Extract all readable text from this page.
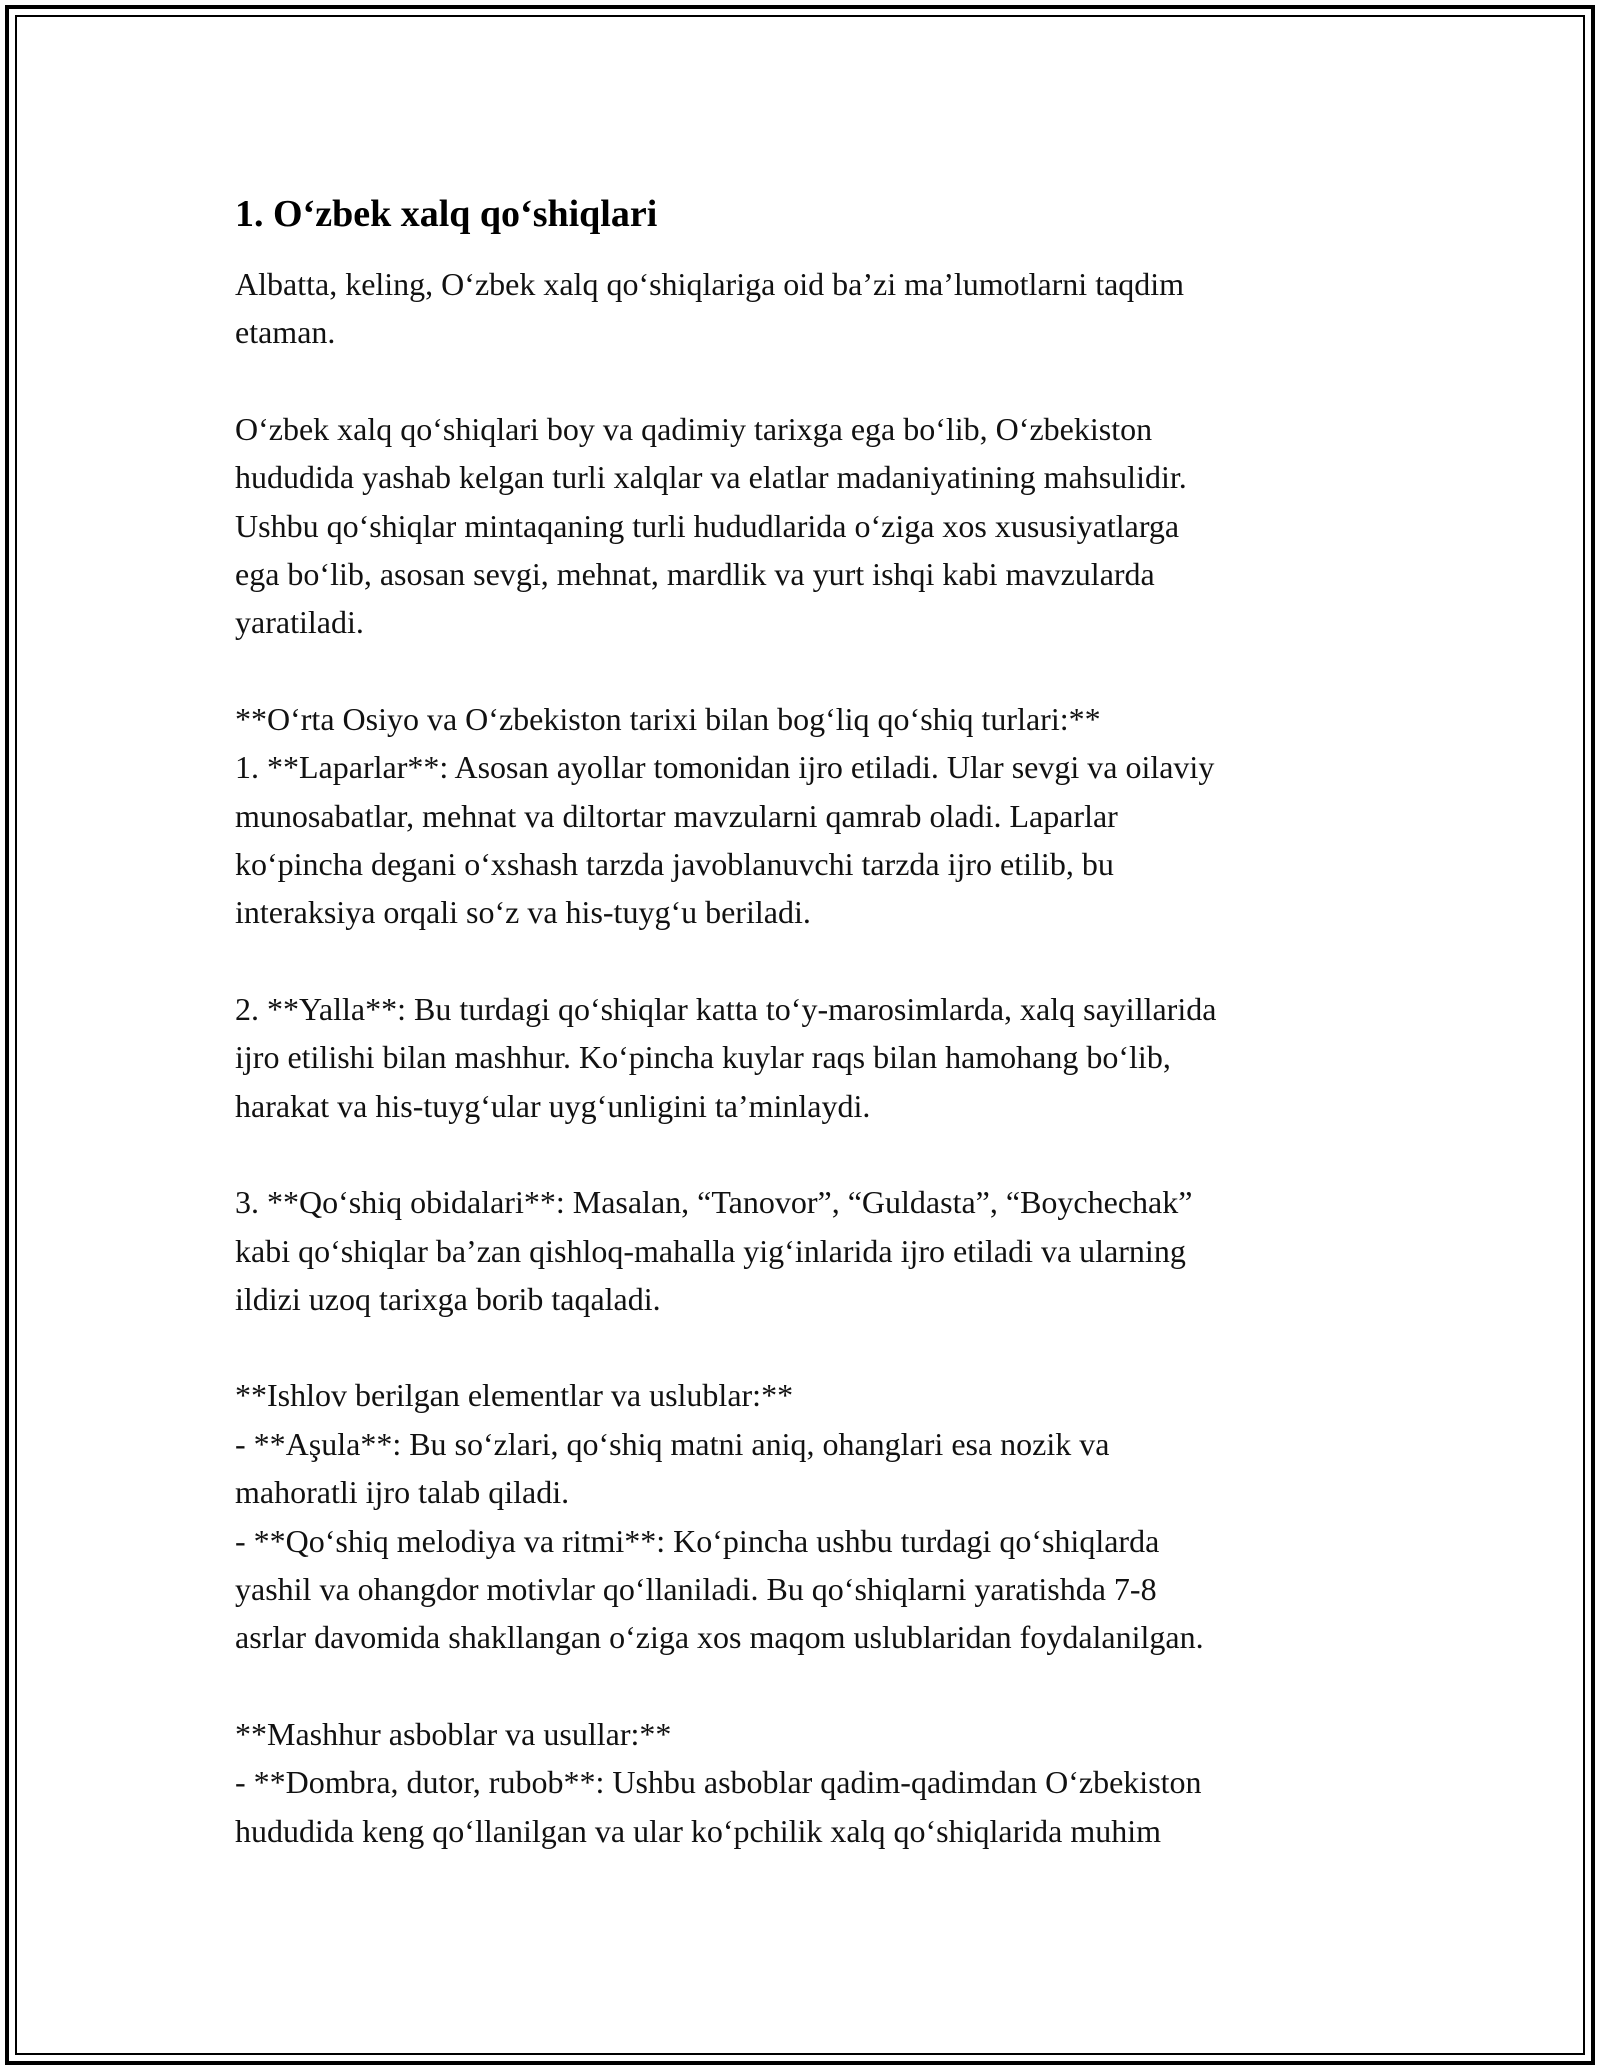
1. O‘zbek xalq qo‘shiqlari
Albatta, keling, O‘zbek xalq qo‘shiqlariga oid ba’zi ma’lumotlarni taqdim
etaman.
O‘zbek xalq qo‘shiqlari boy va qadimiy tarixga ega bo‘lib, O‘zbekiston
hududida yashab kelgan turli xalqlar va elatlar madaniyatining mahsulidir.
Ushbu qo‘shiqlar mintaqaning turli hududlarida o‘ziga xos xususiyatlarga
ega bo‘lib, asosan sevgi, mehnat, mardlik va yurt ishqi kabi mavzularda
yaratiladi.
**O‘rta Osiyo va O‘zbekiston tarixi bilan bog‘liq qo‘shiq turlari:**
1. **Laparlar**: Asosan ayollar tomonidan ijro etiladi. Ular sevgi va oilaviy
munosabatlar, mehnat va diltortar mavzularni qamrab oladi. Laparlar
ko‘pincha degani o‘xshash tarzda javoblanuvchi tarzda ijro etilib, bu
interaksiya orqali so‘z va his-tuyg‘u beriladi.
2. **Yalla**: Bu turdagi qo‘shiqlar katta to‘y-marosimlarda, xalq sayillarida
ijro etilishi bilan mashhur. Ko‘pincha kuylar raqs bilan hamohang bo‘lib,
harakat va his-tuyg‘ular uyg‘unligini ta’minlaydi.
3. **Qo‘shiq obidalari**: Masalan, “Tanovor”, “Guldasta”, “Boychechak”
kabi qo‘shiqlar ba’zan qishloq-mahalla yig‘inlarida ijro etiladi va ularning
ildizi uzoq tarixga borib taqaladi.
**Ishlov berilgan elementlar va uslublar:**
- **Aşula**: Bu so‘zlari, qo‘shiq matni aniq, ohanglari esa nozik va
mahoratli ijro talab qiladi.
- **Qo‘shiq melodiya va ritmi**: Ko‘pincha ushbu turdagi qo‘shiqlarda
yashil va ohangdor motivlar qo‘llaniladi. Bu qo‘shiqlarni yaratishda 7-8
asrlar davomida shakllangan o‘ziga xos maqom uslublaridan foydalanilgan.
**Mashhur asboblar va usullar:**
- **Dombra, dutor, rubob**: Ushbu asboblar qadim-qadimdan O‘zbekiston
hududida keng qo‘llanilgan va ular ko‘pchilik xalq qo‘shiqlarida muhim
